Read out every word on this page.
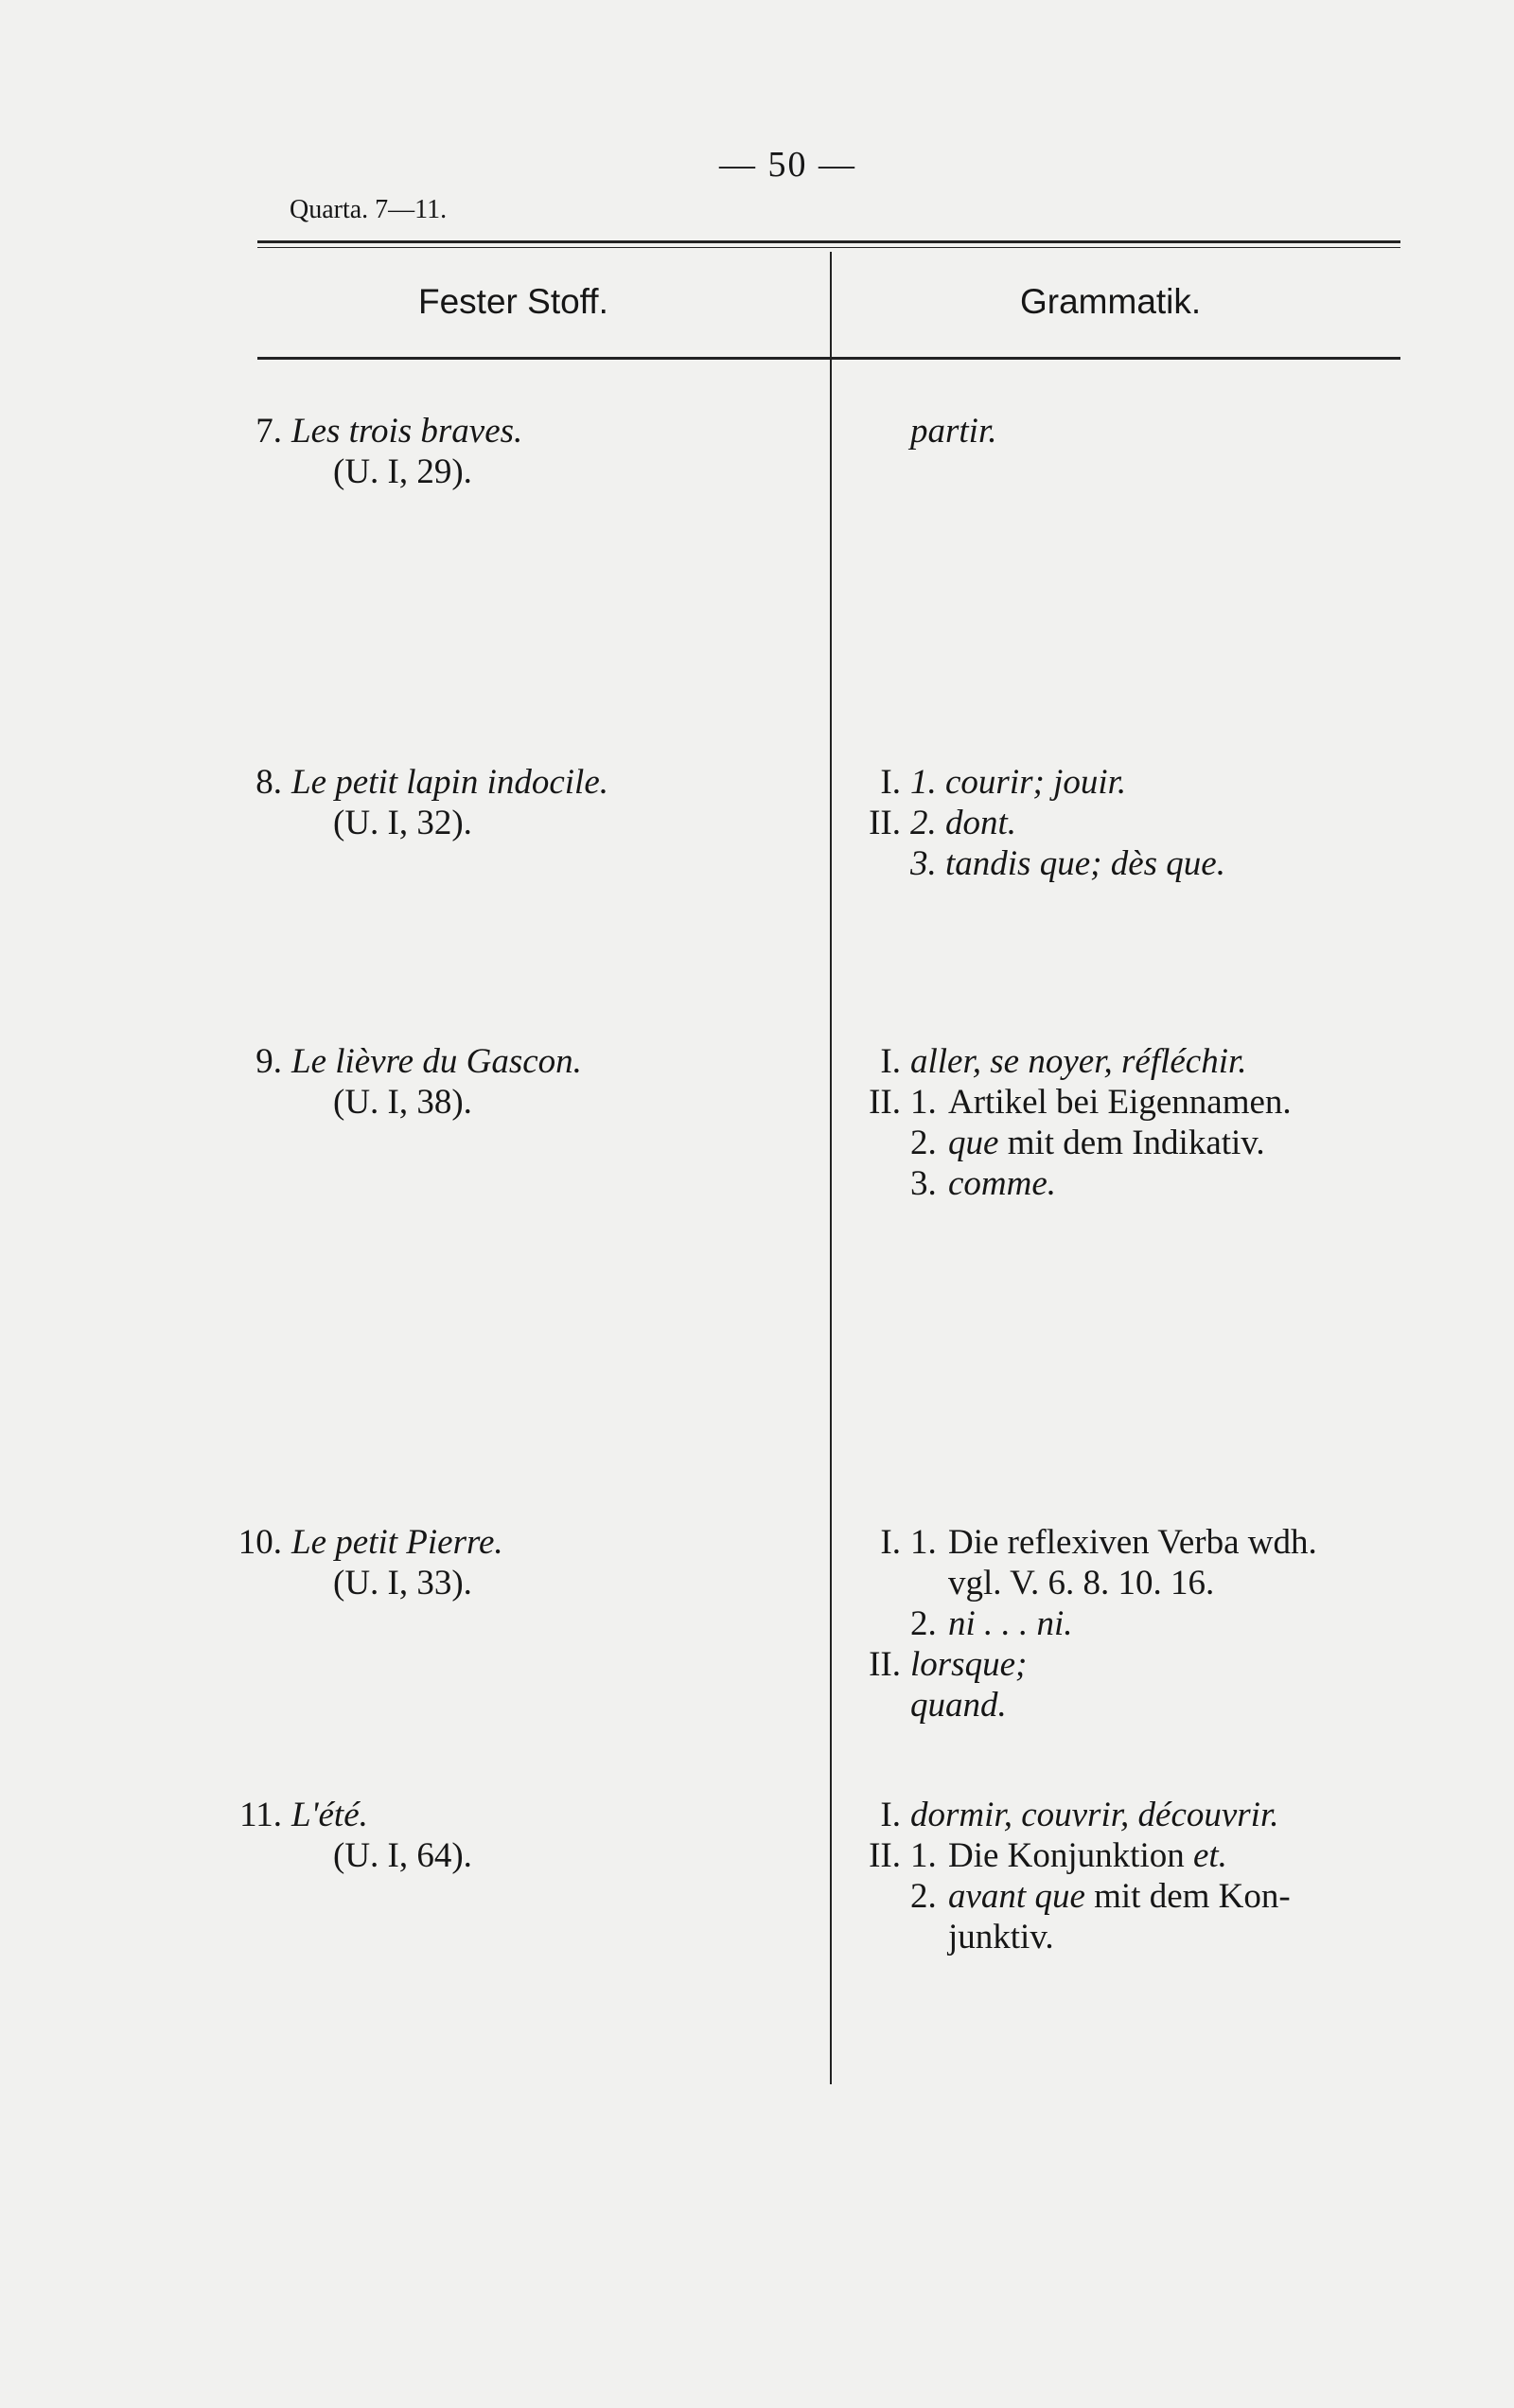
— 50 —
Quarta. 7—11.
Fester Stoff.	Grammatik.
7. Les trois braves.
(U. I, 29).
partir.
8. Le petit lapin indocile.
(U. I, 32).
I. 1. courir; jouir.
II. 2. dont.
3. tandis que; dès que.
9. Le lièvre du Gascon.
(U. I, 38).
I. aller, se noyer, réfléchir.
II. 1. Artikel bei Eigennamen.
2. que mit dem Indikativ.
3. comme.
10. Le petit Pierre.
(U. I, 33).
I. 1. Die reflexiven Verba wdh.
vgl. V. 6. 8. 10. 16.
2. ni . . . ni.
II. lorsque;
quand.
11. L'été.
(U. I, 64).
I. dormir, couvrir, découvrir.
II. 1. Die Konjunktion et.
2. avant que mit dem Kon-
junktiv.
